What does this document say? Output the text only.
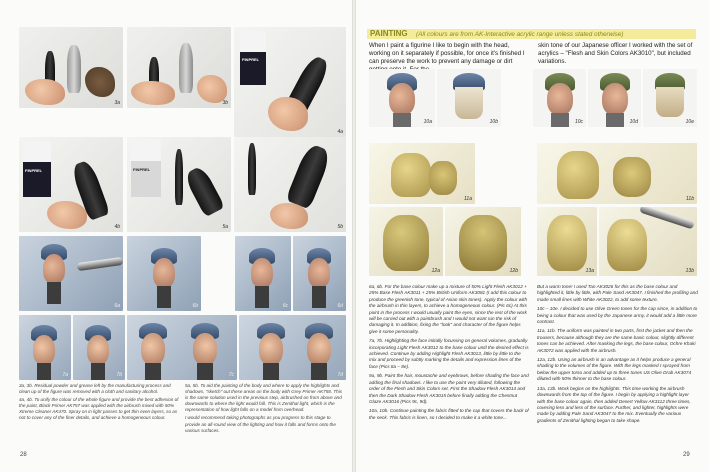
3a	3b
FINPREL
4a
FINPREL
4b
FINPREL
5a	5b
6a	6b	6c	6d
7a	7b	7c	7d

3a, 3b. Residual powder and grease left by the manufacturing process and clean up of the figure was removed with a cloth and sanitary alcohol.

4a, 4b. To unify the colour of the whole figure and provide the best adhesion of the paint, Black Primer AK757 was applied with the airbrush mixed with 50% Xtreme Cleaner AK470. Spray on in light passes to get thin even layers, so as not to cover any of the finer details, and achieve a homogeneous colour.

5a, 5b. To aid the painting of the body and where to apply the highlights and shadows, "sketch" out these areas on the body with Grey Primer AK758. This is the same solution used in the previous step, airbrushed on from above and downwards to where the light would fall. This is Zenithal light, which is the representation of how light falls on a model from overhead.

I would recommend taking photographs as you progress to this stage to provide an all-round view of the lighting and how it falls and forms onto the various surfaces.

28
PAINTING (All colours are from AK-Interactive acrylic range unless stated otherwise)

When I paint a figurine I like to begin with the head, working on it separately if possible, for once it's finished I can preserve the work to prevent any damage or dirt

skin tone of our Japanese officer I worked with the set of acrylics – "Flesh and Skin Colors AK3010", but included variations.

10a	10b	10c	10d	10e
11a	11b
12a	12b	13a	13b

6a, 6b. For the base colour make up a mixture of 50% Light Flesh AK3012 + 25% Base Flesh AK3011 + 25% British Uniform AK3081 (I add this colour to produce the greenish tone, typical of Asian skin tones). Apply the colour with the airbrush in thin layers, to achieve a homogeneous colour. (Pic 6c) At this point in the process I would usually paint the eyes, since the rest of the work will be carried out with a paintbrush and I would not want run the risk of damaging it. In addition, fixing the "look" and character of the figure helps give it some personality.

7a, 7b. Highlighting the face initially focussing on general volumes, gradually incorporating Light Flesh AK3012 to the base colour until the desired effect is achieved. Continue by adding Highlight Flesh AK3013, little by little to the mix and proceed by subtly marking the details and expression lines of the face (Pics 8a – 8e).

9a, 9b. Paint the hair, moustache and eyebrows, before shading the face and adding the final shadows. I like to use the point very diluted, following the order of the Flesh and Skin Colors set. First the Shadow Flesh AK3014 and then the Dark Shadow Flesh AK3015 before finally adding the Chestnut Glaze AK3016 (Pics 9c, 9d).

10a, 10b. Continue painting the fabric fitted to the cap that covers the back of the neck. This fabric is linen, so I decided to make it a white tone...

But a warm tone! I used Tan AK3026 for this as the base colour and highlighted it, little by little, with Pale Sand AK3047. I finished the profiling and made small lines with White AK3022, to add some texture.

10c – 10e. I decided to use Olive Green tones for the cap since, in addition to being a colour that was used by the Japanese army, it would add a little more contrast.

11a, 11b. The uniform was painted in two parts, first the jacket and then the trousers, because although they are the same basic colour, slightly different tones can be achieved. After masking the legs, the base colour, Ochre Khaki AK3072 was applied with the airbrush.

12a, 12b. Using an airbrush is an advantage as it helps produce a general shading to the volumes of the figure. With the legs masked I sprayed from below the upper torso and added up to three tones US Olive Drab AK3074 diluted with 50% thinner to the base colour.

13a, 13b. Work begins on the highlights. This time working the airbrush downwards from the top of the figure. I begin by applying a highlight layer with the base colour again, then added Desert Yellow AK3112 three times, covering less and less of the surface. Further, and lighter, highlights were made by adding Pale Sand AK3047 to the mix. Eventually the various gradients of Zenithal lighting began to take shape.

29
